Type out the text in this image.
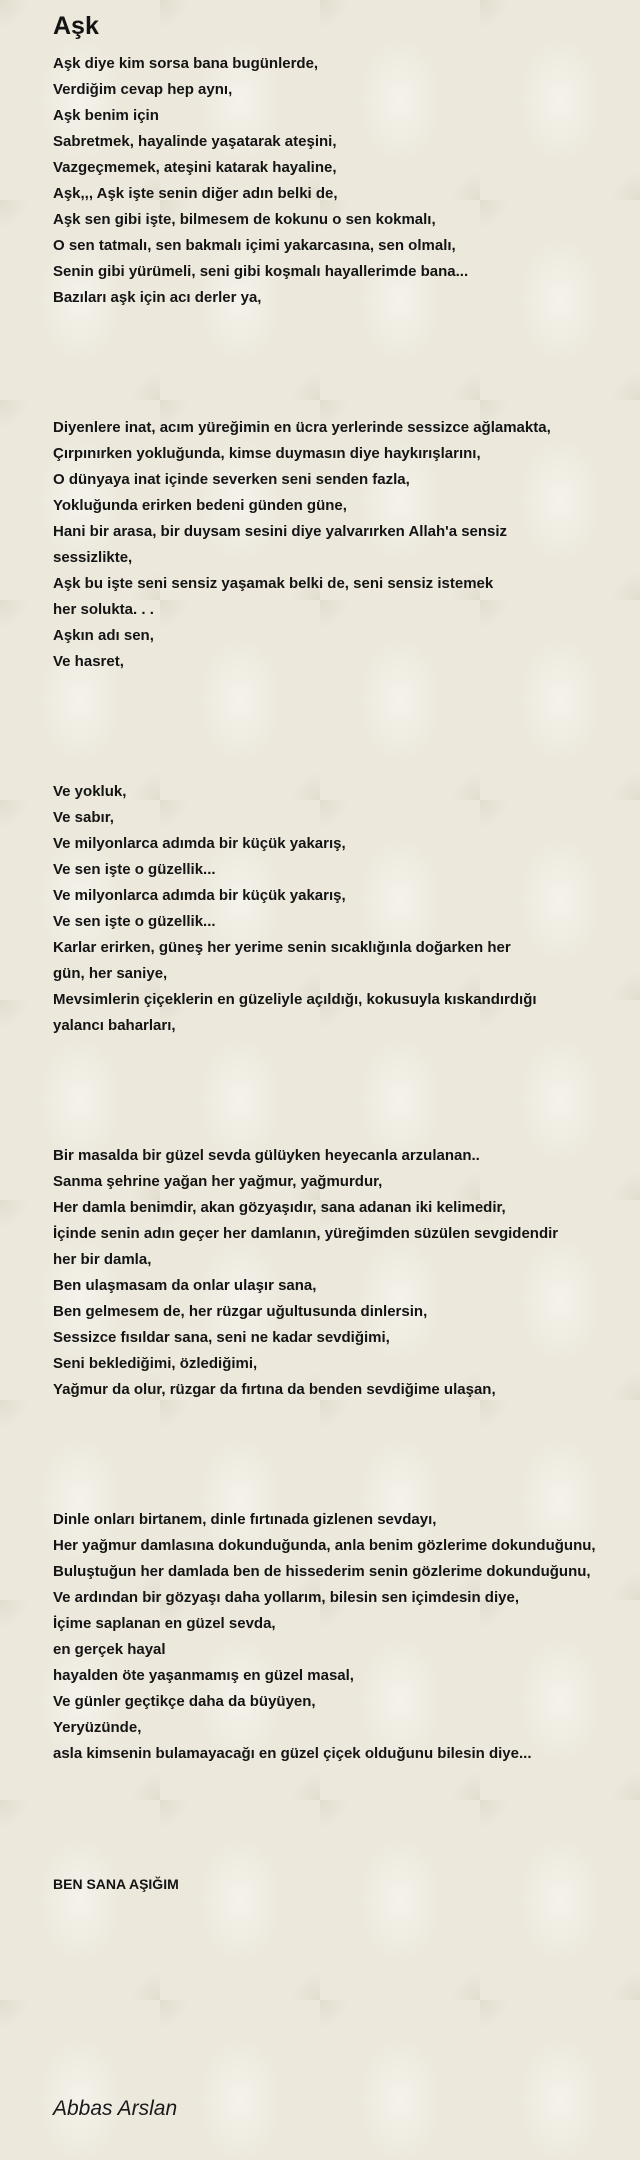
Aşk
Aşk diye kim sorsa bana bugünlerde,
Verdiğim cevap hep aynı,
Aşk benim için
Sabretmek, hayalinde yaşatarak ateşini,
Vazgeçmemek, ateşini katarak hayaline,
Aşk,,, Aşk işte senin diğer adın belki de,
Aşk sen gibi işte, bilmesem de kokunu o sen kokmalı,
O sen tatmalı, sen bakmalı içimi yakarcasına, sen olmalı,
Senin gibi yürümeli, seni gibi koşmalı hayallerimde bana...
Bazıları aşk için acı derler ya,
Diyenlere inat, acım yüreğimin en ücra yerlerinde sessizce ağlamakta,
Çırpınırken yokluğunda, kimse duymasın diye haykırışlarını,
O dünyaya inat içinde severken seni senden fazla,
Yokluğunda erirken bedeni günden güne,
Hani bir arasa, bir duysam sesini diye yalvarırken Allah'a sensiz
sessizlikte,
Aşk bu işte seni sensiz yaşamak belki de, seni sensiz istemek
her solukta. . .
Aşkın adı sen,
Ve hasret,
Ve yokluk,
Ve sabır,
Ve milyonlarca adımda bir küçük yakarış,
Ve sen işte o güzellik...
Ve milyonlarca adımda bir küçük yakarış,
Ve sen işte o güzellik...
Karlar erirken, güneş her yerime senin sıcaklığınla doğarken her
gün, her saniye,
Mevsimlerin çiçeklerin en güzeliyle açıldığı, kokusuyla kıskandırdığı
yalancı baharları,
Bir masalda bir güzel sevda gülüyken heyecanla arzulanan..
Sanma şehrine yağan her yağmur, yağmurdur,
Her damla benimdir, akan gözyaşıdır, sana adanan iki kelimedir,
İçinde senin adın geçer her damlanın, yüreğimden süzülen sevgidendir
her bir damla,
Ben ulaşmasam da onlar ulaşır sana,
Ben gelmesem de, her rüzgar uğultusunda dinlersin,
Sessizce fısıldar sana, seni ne kadar sevdiğimi,
Seni beklediğimi, özlediğimi,
Yağmur da olur, rüzgar da fırtına da benden sevdiğime ulaşan,
Dinle onları birtanem, dinle fırtınada gizlenen sevdayı,
Her yağmur damlasına dokunduğunda, anla benim gözlerime dokunduğunu,
Buluştuğun her damlada ben de hissederim senin gözlerime dokunduğunu,
Ve ardından bir gözyaşı daha yollarım, bilesin sen içimdesin diye,
İçime saplanan en güzel sevda,
en gerçek hayal
hayalden öte yaşanmamış en güzel masal,
Ve günler geçtikçe daha da büyüyen,
Yeryüzünde,
asla kimsenin bulamayacağı en güzel çiçek olduğunu bilesin diye...

BEN SANA AŞIĞIM

Abbas Arslan
